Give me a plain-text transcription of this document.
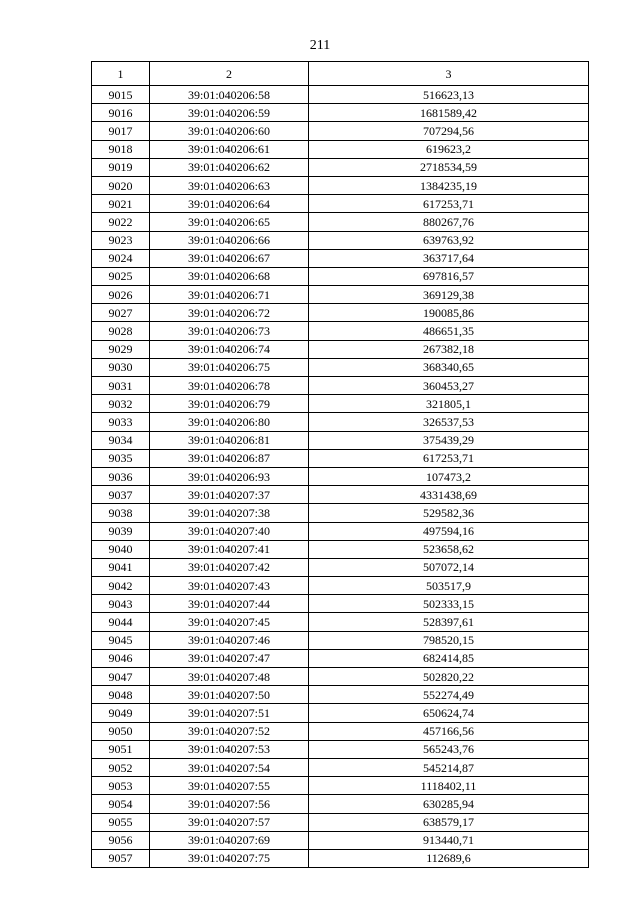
211
1	2	3
9015	39:01:040206:58	516623,13
9016	39:01:040206:59	1681589,42
9017	39:01:040206:60	707294,56
9018	39:01:040206:61	619623,2
9019	39:01:040206:62	2718534,59
9020	39:01:040206:63	1384235,19
9021	39:01:040206:64	617253,71
9022	39:01:040206:65	880267,76
9023	39:01:040206:66	639763,92
9024	39:01:040206:67	363717,64
9025	39:01:040206:68	697816,57
9026	39:01:040206:71	369129,38
9027	39:01:040206:72	190085,86
9028	39:01:040206:73	486651,35
9029	39:01:040206:74	267382,18
9030	39:01:040206:75	368340,65
9031	39:01:040206:78	360453,27
9032	39:01:040206:79	321805,1
9033	39:01:040206:80	326537,53
9034	39:01:040206:81	375439,29
9035	39:01:040206:87	617253,71
9036	39:01:040206:93	107473,2
9037	39:01:040207:37	4331438,69
9038	39:01:040207:38	529582,36
9039	39:01:040207:40	497594,16
9040	39:01:040207:41	523658,62
9041	39:01:040207:42	507072,14
9042	39:01:040207:43	503517,9
9043	39:01:040207:44	502333,15
9044	39:01:040207:45	528397,61
9045	39:01:040207:46	798520,15
9046	39:01:040207:47	682414,85
9047	39:01:040207:48	502820,22
9048	39:01:040207:50	552274,49
9049	39:01:040207:51	650624,74
9050	39:01:040207:52	457166,56
9051	39:01:040207:53	565243,76
9052	39:01:040207:54	545214,87
9053	39:01:040207:55	1118402,11
9054	39:01:040207:56	630285,94
9055	39:01:040207:57	638579,17
9056	39:01:040207:69	913440,71
9057	39:01:040207:75	112689,6
